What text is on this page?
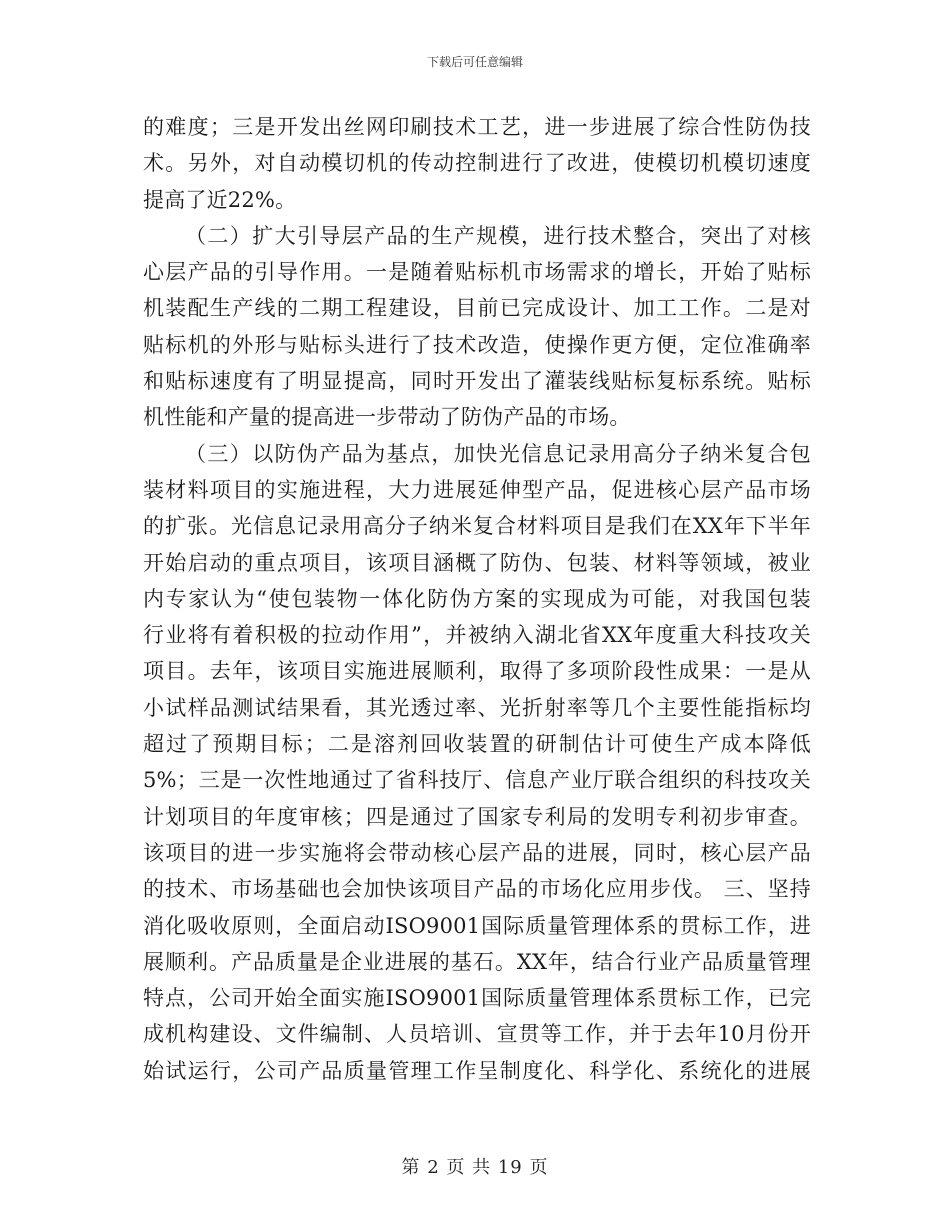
下载后可任意编辑
的难度；三是开发出丝网印刷技术工艺，进一步进展了综合性防伪技
术。另外，对自动模切机的传动控制进行了改进，使模切机模切速度
提高了近22%。
（二）扩大引导层产品的生产规模，进行技术整合，突出了对核
心层产品的引导作用。一是随着贴标机市场需求的增长，开始了贴标
机装配生产线的二期工程建设，目前已完成设计、加工工作。二是对
贴标机的外形与贴标头进行了技术改造，使操作更方便，定位准确率
和贴标速度有了明显提高，同时开发出了灌装线贴标复标系统。贴标
机性能和产量的提高进一步带动了防伪产品的市场。
（三）以防伪产品为基点，加快光信息记录用高分子纳米复合包
装材料项目的实施进程，大力进展延伸型产品，促进核心层产品市场
的扩张。光信息记录用高分子纳米复合材料项目是我们在XX年下半年
开始启动的重点项目，该项目涵概了防伪、包装、材料等领域，被业
内专家认为“使包装物一体化防伪方案的实现成为可能，对我国包装
行业将有着积极的拉动作用”，并被纳入湖北省XX年度重大科技攻关
项目。去年，该项目实施进展顺利，取得了多项阶段性成果：一是从
小试样品测试结果看，其光透过率、光折射率等几个主要性能指标均
超过了预期目标；二是溶剂回收装置的研制估计可使生产成本降低
5%；三是一次性地通过了省科技厅、信息产业厅联合组织的科技攻关
计划项目的年度审核；四是通过了国家专利局的发明专利初步审查。
该项目的进一步实施将会带动核心层产品的进展，同时，核心层产品
的技术、市场基础也会加快该项目产品的市场化应用步伐。 三、坚持
消化吸收原则，全面启动ISO9001国际质量管理体系的贯标工作，进
展顺利。产品质量是企业进展的基石。XX年，结合行业产品质量管理
特点，公司开始全面实施ISO9001国际质量管理体系贯标工作，已完
成机构建设、文件编制、人员培训、宣贯等工作，并于去年10月份开
始试运行，公司产品质量管理工作呈制度化、科学化、系统化的进展
第 2 页 共 19 页
